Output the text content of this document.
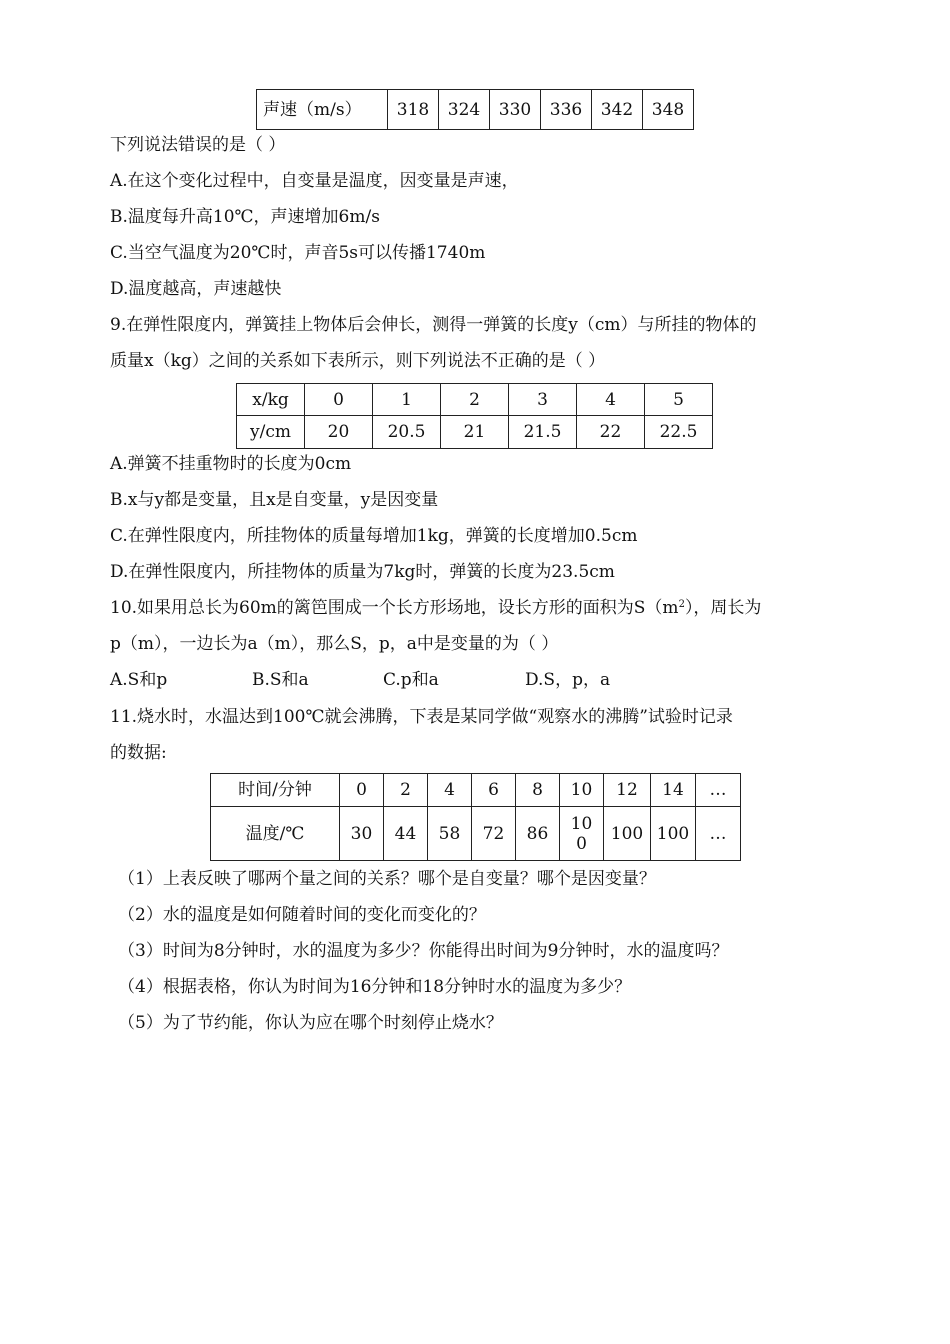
声速（m/s）	318	324	330	336	342	348
下列说法错误的是（ ）
A.在这个变化过程中，自变量是温度，因变量是声速，
B.温度每升高10℃，声速增加6m/s
C.当空气温度为20℃时，声音5s可以传播1740m
D.温度越高，声速越快
9.在弹性限度内，弹簧挂上物体后会伸长，测得一弹簧的长度y（cm）与所挂的物体的
质量x（kg）之间的关系如下表所示，则下列说法不正确的是（ ）
x/kg	0	1	2	3	4	5
y/cm	20	20.5	21	21.5	22	22.5
A.弹簧不挂重物时的长度为0cm
B.x与y都是变量，且x是自变量，y是因变量
C.在弹性限度内，所挂物体的质量每增加1kg，弹簧的长度增加0.5cm
D.在弹性限度内，所挂物体的质量为7kg时，弹簧的长度为23.5cm
10.如果用总长为60m的篱笆围成一个长方形场地，设长方形的面积为$S(m^2)$，周长为
p（m），一边长为a（m），那么S，p，a中是变量的为（ ）
A.S和p	B.S和a	C.p和a	D.S，p，a
11.烧水时，水温达到100℃就会沸腾，下表是某同学做“观察水的沸腾”试验时记录
的数据:
时间/分钟	0	2	4	6	8	10	12	14	…
温度/℃	30	44	58	72	86	100	100	100	…
（1）上表反映了哪两个量之间的关系？哪个是自变量？哪个是因变量？
（2）水的温度是如何随着时间的变化而变化的？
（3）时间为8分钟时，水的温度为多少？你能得出时间为9分钟时，水的温度吗？
（4）根据表格，你认为时间为16分钟和18分钟时水的温度为多少？
（5）为了节约能，你认为应在哪个时刻停止烧水？
